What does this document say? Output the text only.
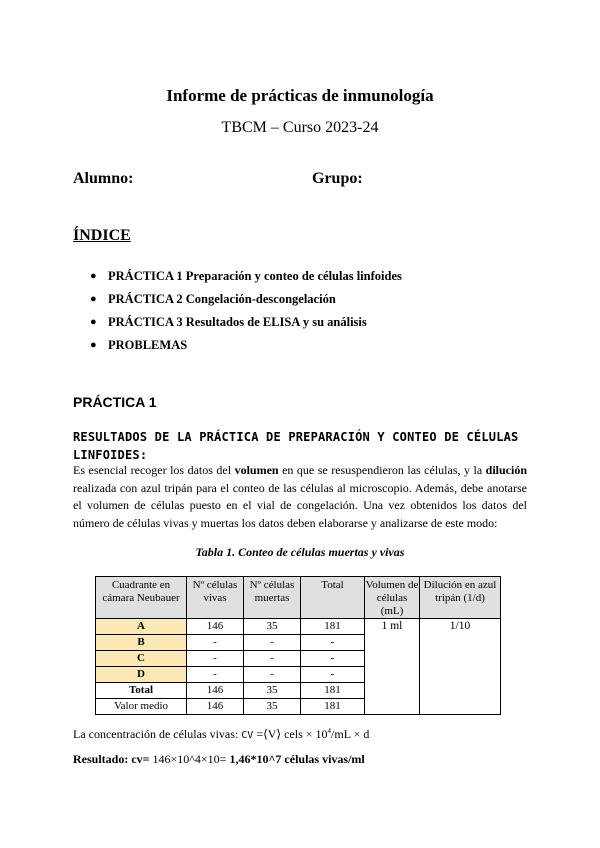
Informe de prácticas de inmunología
TBCM – Curso 2023-24
Alumno:	Grupo:
ÍNDICE
● PRÁCTICA 1 Preparación y conteo de células linfoides
● PRÁCTICA 2 Congelación-descongelación
● PRÁCTICA 3 Resultados de ELISA y su análisis
● PROBLEMAS
PRÁCTICA 1
RESULTADOS DE LA PRÁCTICA DE PREPARACIÓN Y CONTEO DE CÉLULAS LINFOIDES:
Es esencial recoger los datos del volumen en que se resuspendieron las células, y la dilución realizada con azul tripán para el conteo de las células al microscopio. Además, debe anotarse el volumen de células puesto en el vial de congelación. Una vez obtenidos los datos del número de células vivas y muertas los datos deben elaborarse y analizarse de este modo:
Tabla 1. Conteo de células muertas y vivas
Cuadrante en cámara Neubauer	Nº células vivas	Nº células muertas	Total	Volumen de células (mL)	Dilución en azul tripán (1/d)
A	146	35	181	1 ml	1/10
B	-	-	-		
C	-	-	-		
D	-	-	-		
Total	146	35	181		
Valor medio	146	35	181		
La concentración de células vivas: CV =⟨V⟩ cels × $10^4/mL \times d$
Resultado: cv= 146×10^4×10= 1,46*10^7 células vivas/ml
